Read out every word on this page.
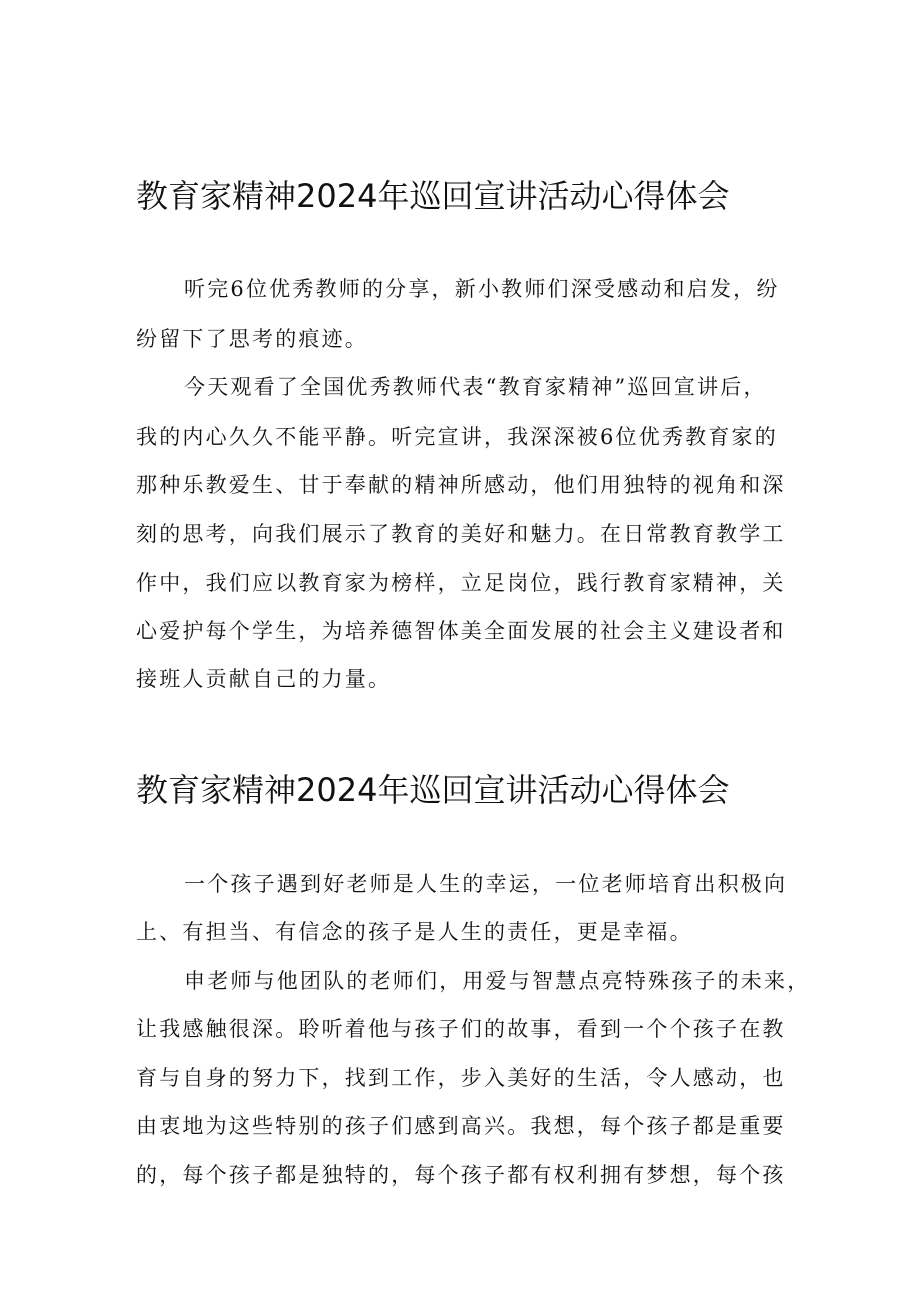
教育家精神2024年巡回宣讲活动心得体会

听完6位优秀教师的分享，新小教师们深受感动和启发，纷

纷留下了思考的痕迹。

今天观看了全国优秀教师代表“教育家精神”巡回宣讲后，

我的内心久久不能平静。听完宣讲，我深深被6位优秀教育家的

那种乐教爱生、甘于奉献的精神所感动，他们用独特的视角和深

刻的思考，向我们展示了教育的美好和魅力。在日常教育教学工

作中，我们应以教育家为榜样，立足岗位，践行教育家精神，关

心爱护每个学生，为培养德智体美全面发展的社会主义建设者和

接班人贡献自己的力量。

教育家精神2024年巡回宣讲活动心得体会

一个孩子遇到好老师是人生的幸运，一位老师培育出积极向

上、有担当、有信念的孩子是人生的责任，更是幸福。

申老师与他团队的老师们，用爱与智慧点亮特殊孩子的未来，

让我感触很深。聆听着他与孩子们的故事，看到一个个孩子在教

育与自身的努力下，找到工作，步入美好的生活，令人感动，也

由衷地为这些特别的孩子们感到高兴。我想，每个孩子都是重要

的，每个孩子都是独特的，每个孩子都有权利拥有梦想，每个孩
